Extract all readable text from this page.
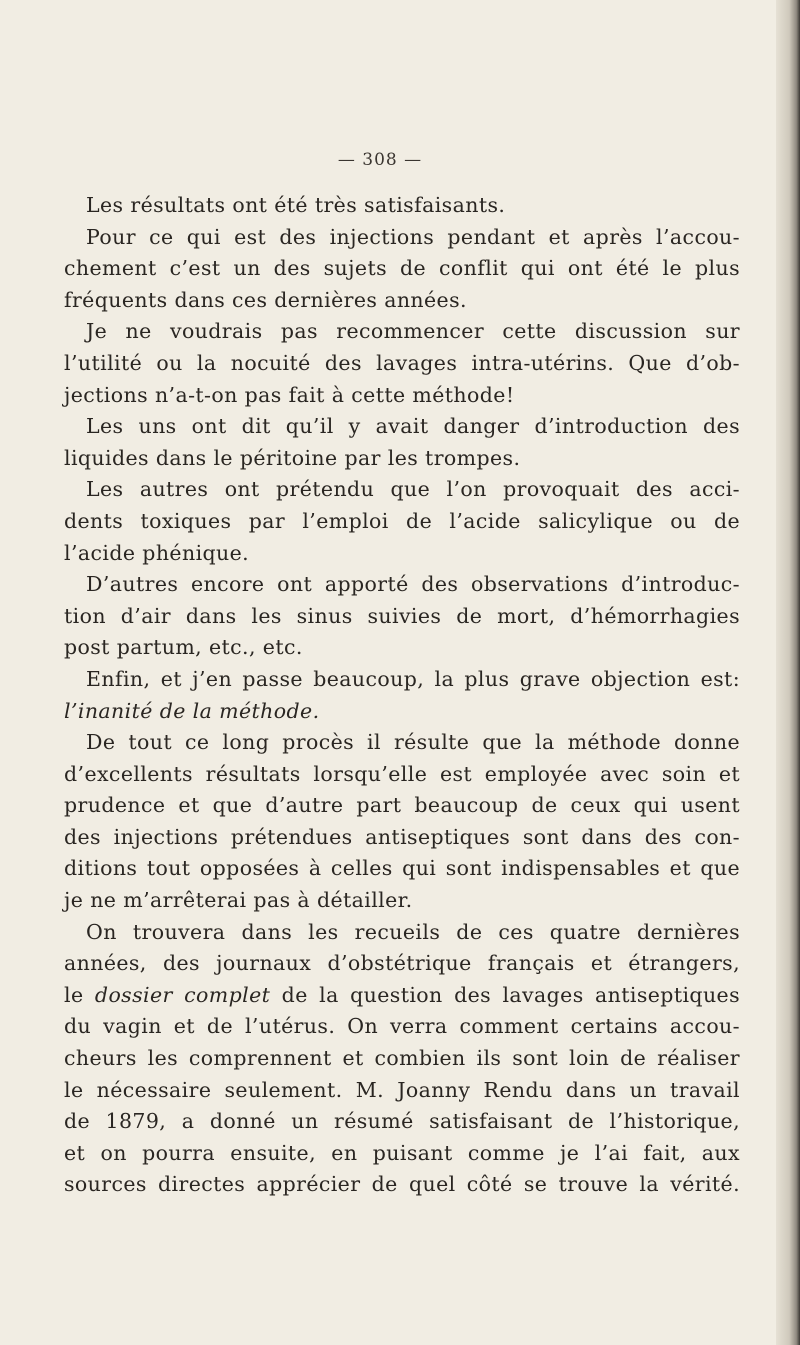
— 308 —
Les résultats ont été très satisfaisants.
Pour ce qui est des injections pendant et après l’accou-
chement c’est un des sujets de conflit qui ont été le plus
fréquents dans ces dernières années.
Je ne voudrais pas recommencer cette discussion sur
l’utilité ou la nocuité des lavages intra-utérins. Que d’ob-
jections n’a-t-on pas fait à cette méthode!
Les uns ont dit qu’il y avait danger d’introduction des
liquides dans le péritoine par les trompes.
Les autres ont prétendu que l’on provoquait des acci-
dents toxiques par l’emploi de l’acide salicylique ou de
l’acide phénique.
D’autres encore ont apporté des observations d’introduc-
tion d’air dans les sinus suivies de mort, d’hémorrhagies
post partum, etc., etc.
Enfin, et j’en passe beaucoup, la plus grave objection est:
l’inanité de la méthode.
De tout ce long procès il résulte que la méthode donne
d’excellents résultats lorsqu’elle est employée avec soin et
prudence et que d’autre part beaucoup de ceux qui usent
des injections prétendues antiseptiques sont dans des con-
ditions tout opposées à celles qui sont indispensables et que
je ne m’arrêterai pas à détailler.
On trouvera dans les recueils de ces quatre dernières
années, des journaux d’obstétrique français et étrangers,
le dossier complet de la question des lavages antiseptiques
du vagin et de l’utérus. On verra comment certains accou-
cheurs les comprennent et combien ils sont loin de réaliser
le nécessaire seulement. M. Joanny Rendu dans un travail
de 1879, a donné un résumé satisfaisant de l’historique,
et on pourra ensuite, en puisant comme je l’ai fait, aux
sources directes apprécier de quel côté se trouve la vérité.
